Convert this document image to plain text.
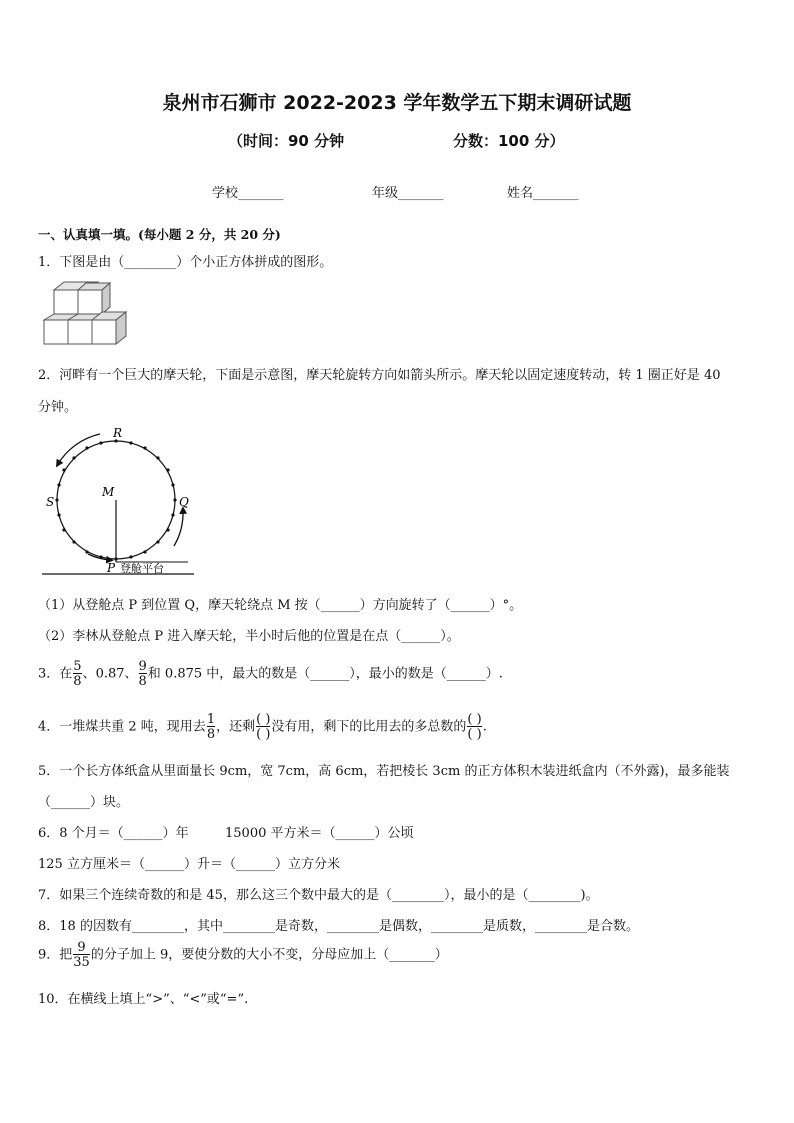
泉州市石狮市 2022-2023 学年数学五下期末调研试题
（时间：90 分钟	分数：100 分）
学校_______	年级_______	姓名_______
一、认真填一填。(每小题 2 分，共 20 分)
1．下图是由（________）个小正方体拼成的图形。
2．河畔有一个巨大的摩天轮，下面是示意图，摩天轮旋转方向如箭头所示。摩天轮以固定速度转动，转 1 圈正好是 40
分钟。
R
S
M
Q
P 登舱平台
（1）从登舱点 P 到位置 Q，摩天轮绕点 M 按（______）方向旋转了（______）°。
（2）李林从登舱点 P 进入摩天轮，半小时后他的位置是在点（______）。
3．在 $\frac{5}{8}$ 、0.87、 $\frac{9}{8}$ 和 0.875 中，最大的数是（______），最小的数是（______）.
4．一堆煤共重 2 吨，现用去 $\frac{1}{8}$ ，还剩 $\frac{( )}{( )}$ 没有用，剩下的比用去的多总数的 $\frac{( )}{( )}$ .
5．一个长方体纸盒从里面量长 9cm，宽 7cm，高 6cm，若把棱长 3cm 的正方体积木装进纸盒内（不外露)，最多能装
（______）块。
6．8 个月＝（______）年	15000 平方米＝（______）公顷
125 立方厘米＝（______）升＝（______）立方分米
7．如果三个连续奇数的和是 45，那么这三个数中最大的是（________），最小的是（________)。
8．18 的因数有________，其中________是奇数，________是偶数，________是质数，________是合数。
9．把 $\frac{9}{35}$ 的分子加上 9，要使分数的大小不变，分母应加上（_______）
10．在横线上填上“>”、“<”或“=”.
